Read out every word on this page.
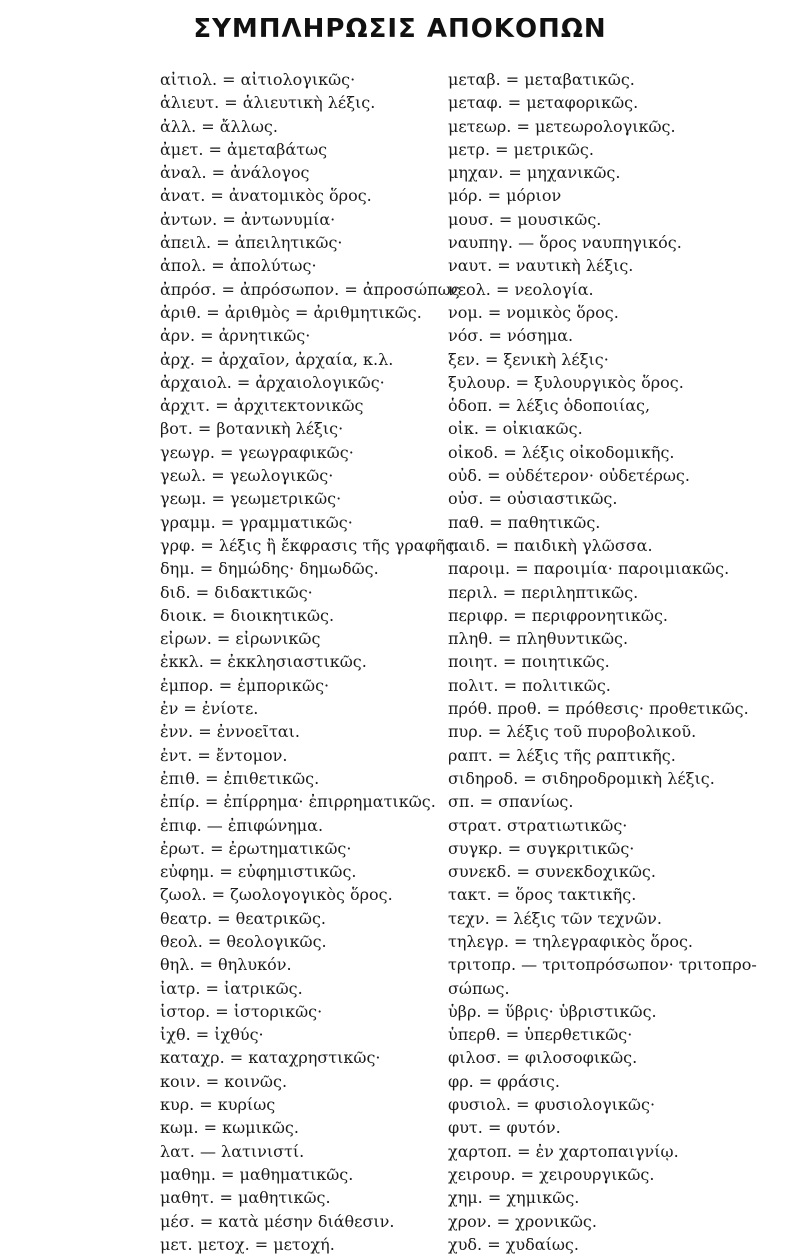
ΣΥΜΠΛΗΡΩΣΙΣ ΑΠΟΚΟΠΩΝ
αἰτιολ. = αἰτιολογικῶς·
ἁλιευτ. = ἁλιευτικὴ λέξις.
ἀλλ. = ἄλλως.
ἀμετ. = ἀμεταβάτως
ἀναλ. = ἀνάλογος
ἀνατ. = ἀνατομικὸς ὅρος.
ἀντων. = ἀντωνυμία·
ἀπειλ. = ἀπειλητικῶς·
ἀπολ. = ἀπολύτως·
ἀπρόσ. = ἀπρόσωπον. = ἀπροσώπως
ἀριθ. = ἀριθμὸς = ἀριθμητικῶς.
ἀρν. = ἀρνητικῶς·
ἀρχ. = ἀρχαῖον, ἀρχαία, κ.λ.
ἀρχαιολ. = ἀρχαιολογικῶς·
ἀρχιτ. = ἀρχιτεκτονικῶς
βοτ. = βοτανικὴ λέξις·
γεωγρ. = γεωγραφικῶς·
γεωλ. = γεωλογικῶς·
γεωμ. = γεωμετρικῶς·
γραμμ. = γραμματικῶς·
γρφ. = λέξις ἢ ἔκφρασις τῆς γραφῆς.
δημ. = δημώδης· δημωδῶς.
διδ. = διδακτικῶς·
διοικ. = διοικητικῶς.
εἰρων. = εἰρωνικῶς
ἐκκλ. = ἐκκλησιαστικῶς.
ἐμπορ. = ἐμπορικῶς·
ἐν = ἐνίοτε.
ἐνν. = ἐννοεῖται.
ἐντ. = ἔντομον.
ἐπιθ. = ἐπιθετικῶς.
ἐπίρ. = ἐπίρρημα· ἐπιρρηματικῶς.
ἐπιφ. — ἐπιφώνημα.
ἐρωτ. = ἐρωτηματικῶς·
εὐφημ. = εὐφημιστικῶς.
ζωολ. = ζωολογογικὸς ὅρος.
θεατρ. = θεατρικῶς.
θεολ. = θεολογικῶς.
θηλ. = θηλυκόν.
ἰατρ. = ἰατρικῶς.
ἱστορ. = ἱστορικῶς·
ἰχθ. = ἰχθύς·
καταχρ. = καταχρηστικῶς·
κοιν. = κοινῶς.
κυρ. = κυρίως
κωμ. = κωμικῶς.
λατ. — λατινιστί.
μαθημ. = μαθηματικῶς.
μαθητ. = μαθητικῶς.
μέσ. = κατὰ μέσην διάθεσιν.
μετ. μετοχ. = μετοχή.
μεταβ. = μεταβατικῶς.
μεταφ. = μεταφορικῶς.
μετεωρ. = μετεωρολογικῶς.
μετρ. = μετρικῶς.
μηχαν. = μηχανικῶς.
μόρ. = μόριον
μουσ. = μουσικῶς.
ναυπηγ. — ὅρος ναυπηγικός.
ναυτ. = ναυτικὴ λέξις.
νεολ. = νεολογία.
νομ. = νομικὸς ὅρος.
νόσ. = νόσημα.
ξεν. = ξενικὴ λέξις·
ξυλουρ. = ξυλουργικὸς ὅρος.
ὁδοπ. = λέξις ὁδοποιίας,
οἰκ. = οἰκιακῶς.
οἰκοδ. = λέξις οἰκοδομικῆς.
οὐδ. = οὐδέτερον· οὐδετέρως.
οὐσ. = οὐσιαστικῶς.
παθ. = παθητικῶς.
παιδ. = παιδικὴ γλῶσσα.
παροιμ. = παροιμία· παροιμιακῶς.
περιλ. = περιληπτικῶς.
περιφρ. = περιφρονητικῶς.
πληθ. = πληθυντικῶς.
ποιητ. = ποιητικῶς.
πολιτ. = πολιτικῶς.
πρόθ. προθ. = πρόθεσις· προθετικῶς.
πυρ. = λέξις τοῦ πυροβολικοῦ.
ραπτ. = λέξις τῆς ραπτικῆς.
σιδηροδ. = σιδηροδρομικὴ λέξις.
σπ. = σπανίως.
στρατ. στρατιωτικῶς·
συγκρ. = συγκριτικῶς·
συνεκδ. = συνεκδοχικῶς.
τακτ. = ὅρος τακτικῆς.
τεχν. = λέξις τῶν τεχνῶν.
τηλεγρ. = τηλεγραφικὸς ὅρος.
τριτοπρ. — τριτοπρόσωπον· τριτοπρο-
σώπως.
ὑβρ. = ὕβρις· ὑβριστικῶς.
ὑπερθ. = ὑπερθετικῶς·
φιλοσ. = φιλοσοφικῶς.
φρ. = φράσις.
φυσιολ. = φυσιολογικῶς·
φυτ. = φυτόν.
χαρτοπ. = ἐν χαρτοπαιγνίῳ.
χειρουρ. = χειρουργικῶς.
χημ. = χημικῶς.
χρον. = χρονικῶς.
χυδ. = χυδαίως.
